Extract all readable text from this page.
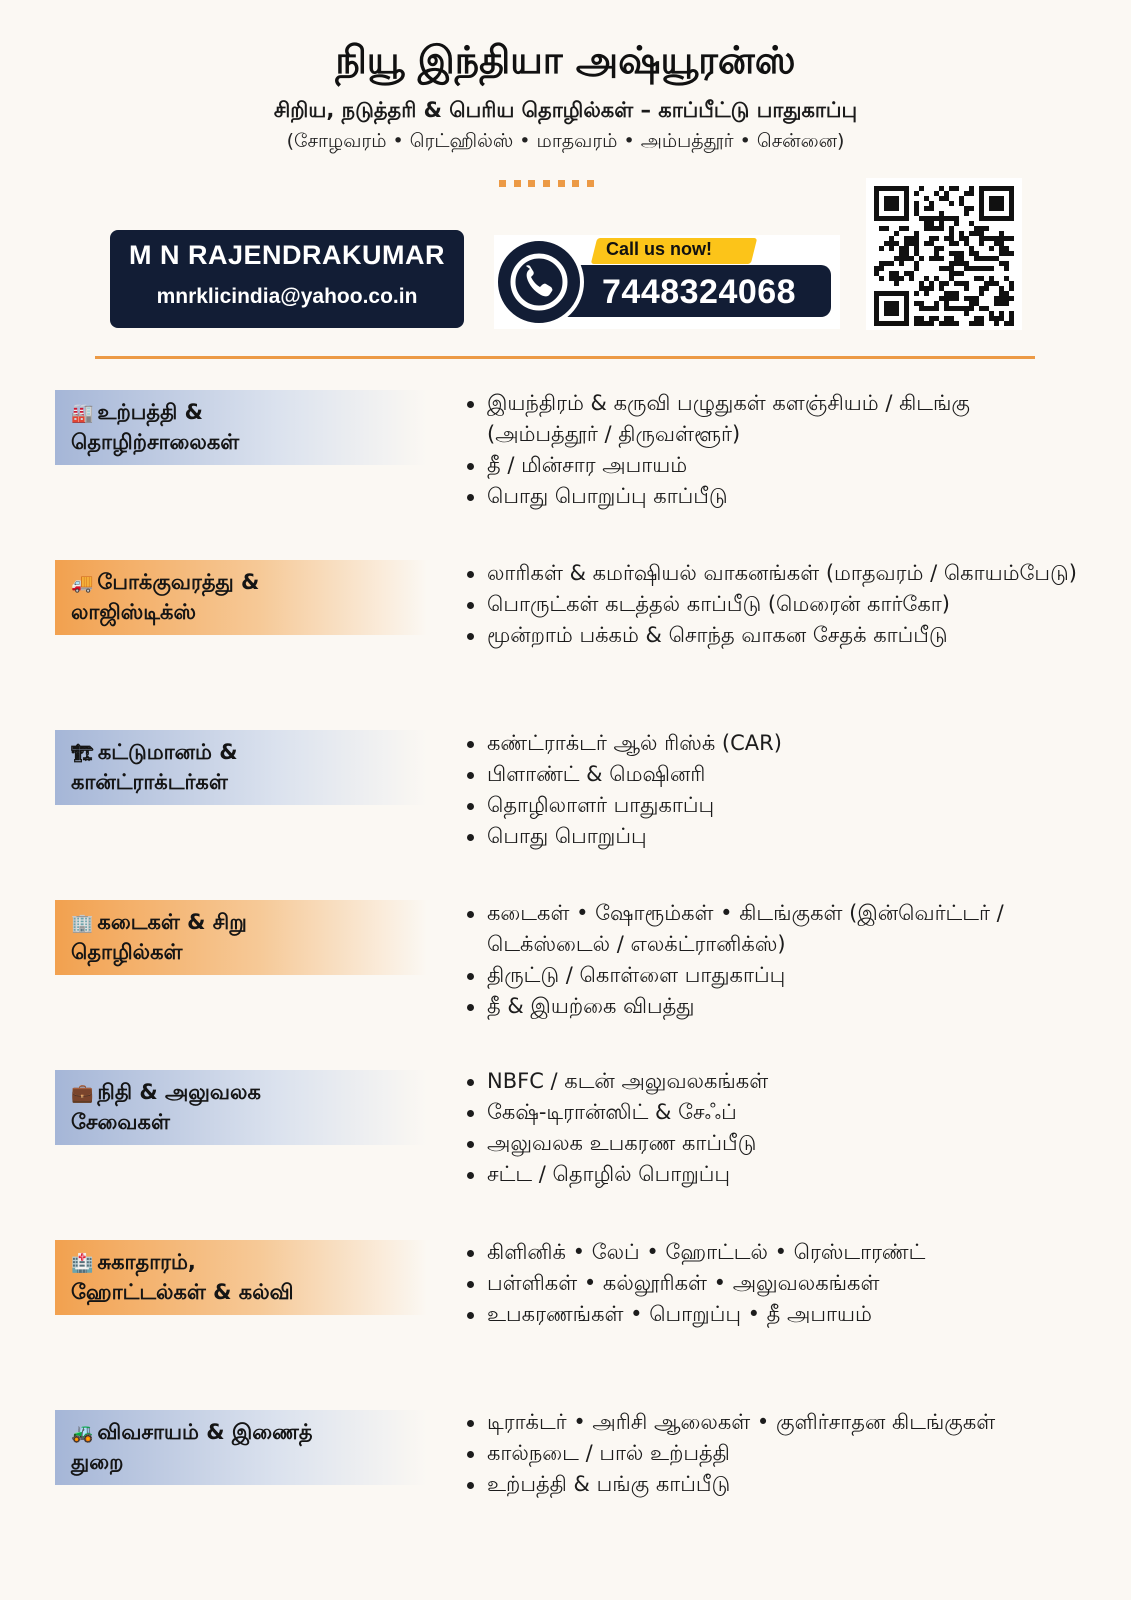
நியூ இந்தியா அஷ்யூரன்ஸ்
சிறிய, நடுத்தரி & பெரிய தொழில்கள் – காப்பீட்டு பாதுகாப்பு
(சோழவரம் • ரெட்ஹில்ஸ் • மாதவரம் • அம்பத்தூர் • சென்னை)
M N RAJENDRAKUMAR
mnrklicindia@yahoo.co.in
Call us now!
7448324068
🏭 உற்பத்தி &
தொழிற்சாலைகள்
இயந்திரம் & கருவி பழுதுகள் களஞ்சியம் / கிடங்கு (அம்பத்தூர் / திருவள்ளூர்)
தீ / மின்சார அபாயம்
பொது பொறுப்பு காப்பீடு
🚚 போக்குவரத்து &
லாஜிஸ்டிக்ஸ்
லாரிகள் & கமர்ஷியல் வாகனங்கள் (மாதவரம் / கொயம்பேடு)
பொருட்கள் கடத்தல் காப்பீடு (மெரைன் கார்கோ)
மூன்றாம் பக்கம் & சொந்த வாகன சேதக் காப்பீடு
🏗 கட்டுமானம் &
கான்ட்ராக்டர்கள்
கண்ட்ராக்டர் ஆல் ரிஸ்க் (CAR)
பிளாண்ட் & மெஷினரி
தொழிலாளர் பாதுகாப்பு
பொது பொறுப்பு
🏢 கடைகள் & சிறு
தொழில்கள்
கடைகள் • ஷோரூம்கள் • கிடங்குகள் (இன்வெர்ட்டர் / டெக்ஸ்டைல் / எலக்ட்ரானிக்ஸ்)
திருட்டு / கொள்ளை பாதுகாப்பு
தீ & இயற்கை விபத்து
💼 நிதி & அலுவலக
சேவைகள்
NBFC / கடன் அலுவலகங்கள்
கேஷ்-டிரான்ஸிட் & சேஃப்
அலுவலக உபகரண காப்பீடு
சட்ட / தொழில் பொறுப்பு
🏥 சுகாதாரம்,
ஹோட்டல்கள் & கல்வி
கிளினிக் • லேப் • ஹோட்டல் • ரெஸ்டாரண்ட்
பள்ளிகள் • கல்லூரிகள் • அலுவலகங்கள்
உபகரணங்கள் • பொறுப்பு • தீ அபாயம்
🚜 விவசாயம் & இணைத்
துறை
டிராக்டர் • அரிசி ஆலைகள் • குளிர்சாதன கிடங்குகள்
கால்நடை / பால் உற்பத்தி
உற்பத்தி & பங்கு காப்பீடு
